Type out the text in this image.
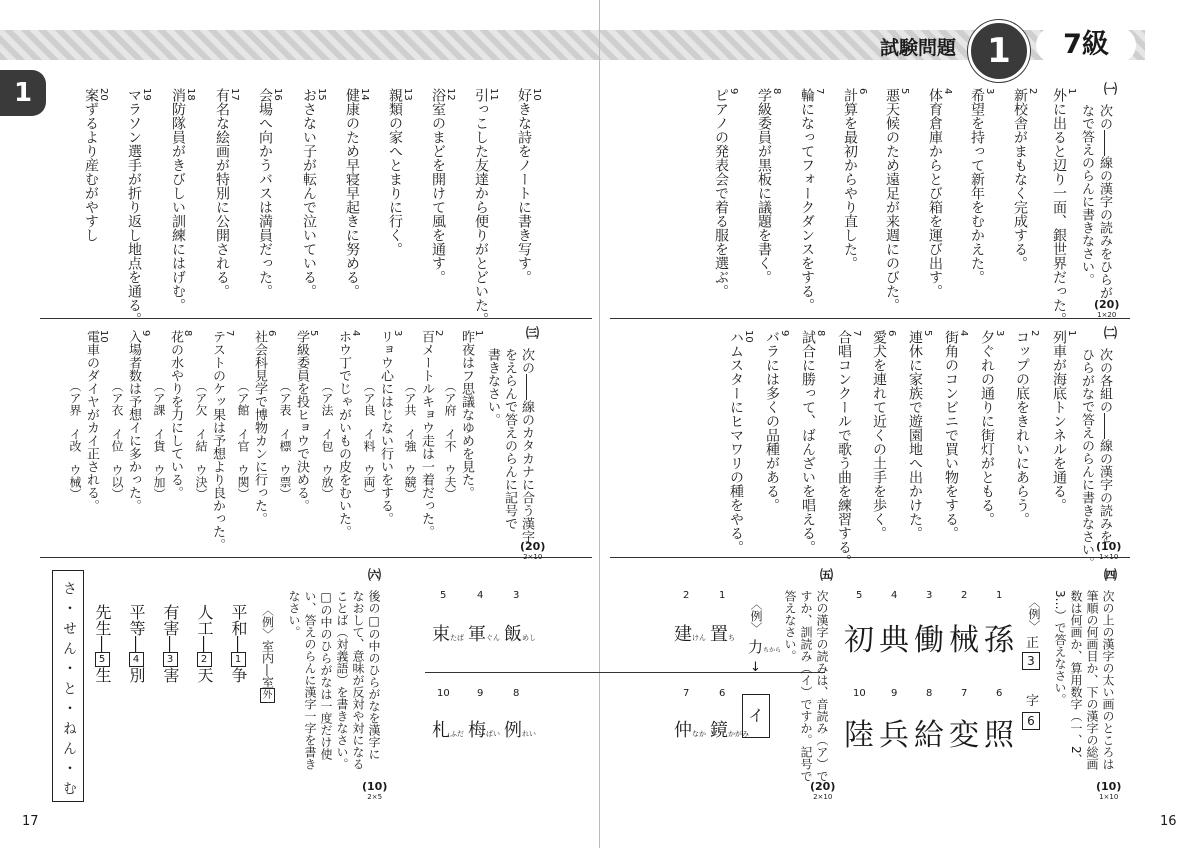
試験問題 1	7級
1	㈠
次の――線の漢字の読みをひらが
なで答えのらんに書きなさい。
(20)
1×20
1
外に出ると辺り一面、銀世界だった。
2
新校舎がまもなく完成する。
3
希望を持って新年をむかえた。
4
体育倉庫からとび箱を運び出す。
5
悪天候のため遠足が来週にのびた。
6
計算を最初からやり直した。
7
輪になってフォークダンスをする。
8
学級委員が黒板に議題を書く。
9
ピアノの発表会で着る服を選ぶ。
10
好きな詩をノートに書き写す。
11
引っこした友達から便りがとどいた。
12
浴室のまどを開けて風を通す。
13
親類の家へとまりに行く。
14
健康のため早寝早起きに努める。
15
おさない子が転んで泣いている。
16
会場へ向かうバスは満員だった。
17
有名な絵画が特別に公開される。
18
消防隊員がきびしい訓練にはげむ。
19
マラソン選手が折り返し地点を通る。
20
案ずるより産むがやすし
㈡
次の各組の――線の漢字の読みを
ひらがなで答えのらんに書きなさい。 (10)
1×10
1
列車が海底トンネルを通る。
2
コップの底をきれいにあらう。
3
夕ぐれの通りに街灯がともる。
4
街角のコンビニで買い物をする。
5
連休に家族で遊園地へ出かけた。
6
愛犬を連れて近くの土手を歩く。
7
合唱コンクールで歌う曲を練習する。
8
試合に勝って、ばんざいを唱える。
9
バラには多くの品種がある。
10
ハムスターにヒマワリの種をやる。
㈢
次の――線のカタカナに合う漢字
をえらんで答えのらんに記号で
書きなさい。
(20)
2×10
1
昨夜はフ思議なゆめを見た。
（ア府　イ不　ウ夫）
2
百メートルキョウ走は一着だった。
（ア共　イ強　ウ競）
3
リョウ心にはじない行いをする。
（ア良　イ料　ウ両）
4
ホウ丁でじゃがいもの皮をむいた。
（ア法　イ包　ウ放）
5
学級委員を投ヒョウで決める。
（ア表　イ標　ウ票）
6
社会科見学で博物カンに行った。
（ア館　イ官　ウ関）
7
テストのケッ果は予想より良かった。
（ア欠　イ結　ウ決）
8
花の水やりを力にしている。
（ア課　イ貨　ウ加）
9
入場者数は予想イに多かった。
（ア衣　イ位　ウ以）
10
電車のダイヤがカイ正される。
（ア界　イ改　ウ械）
㈣
次の上の漢字の太い画のところは
筆順の何画目か、下の漢字の総画
数は何画か、算用数字（一、2、
3…）で答えなさい。
(10)
1×10
〈例〉
正
3
字
6
1
孫
2
械
3
働
4
典
5
初
6
照
7
変
8
給
9
兵
10
陸
㈤
次の漢字の読みは、音読み（ア）で
すか、訓読み（イ）ですか。記号で
答えなさい。
(20)
2×10
〈例〉
力ちから
↓
イ
1
置ち
2
建けん
3
飯めし
4
軍ぐん
5
束たば
6
鏡かがみ
7
仲なか
8
例れい
9
梅ばい
10
札ふだ
㈥
後の□の中のひらがなを漢字に
なおして、意味が反対や対になる
ことば（対義語）を書きなさい。
□の中のひらがなは一度だけ使
い、答えのらんに漢字一字を書き
なさい。
(10)
2×5
〈例〉室内―室外
平和―1争
人工―2天
有害―3害
平等―4別
先生―5生
さ・せん・と・ねん・む
17	16
